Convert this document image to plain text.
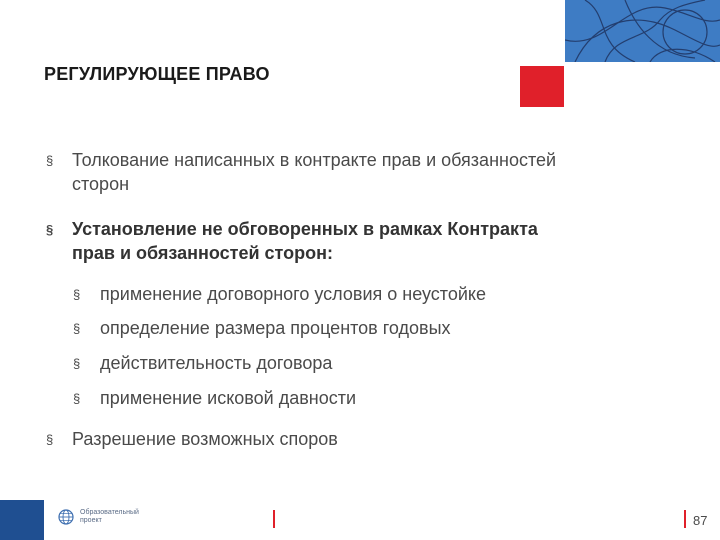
РЕГУЛИРУЮЩЕЕ ПРАВО
§ Толкование написанных в контракте прав и обязанностей
сторон
§ Установление не обговоренных в рамках Контракта
прав и обязанностей сторон:
§ применение договорного условия о неустойке
§ определение размера процентов годовых
§ действительность договора
§ применение исковой давности
§ Разрешение возможных споров
Образовательный
проект	87
